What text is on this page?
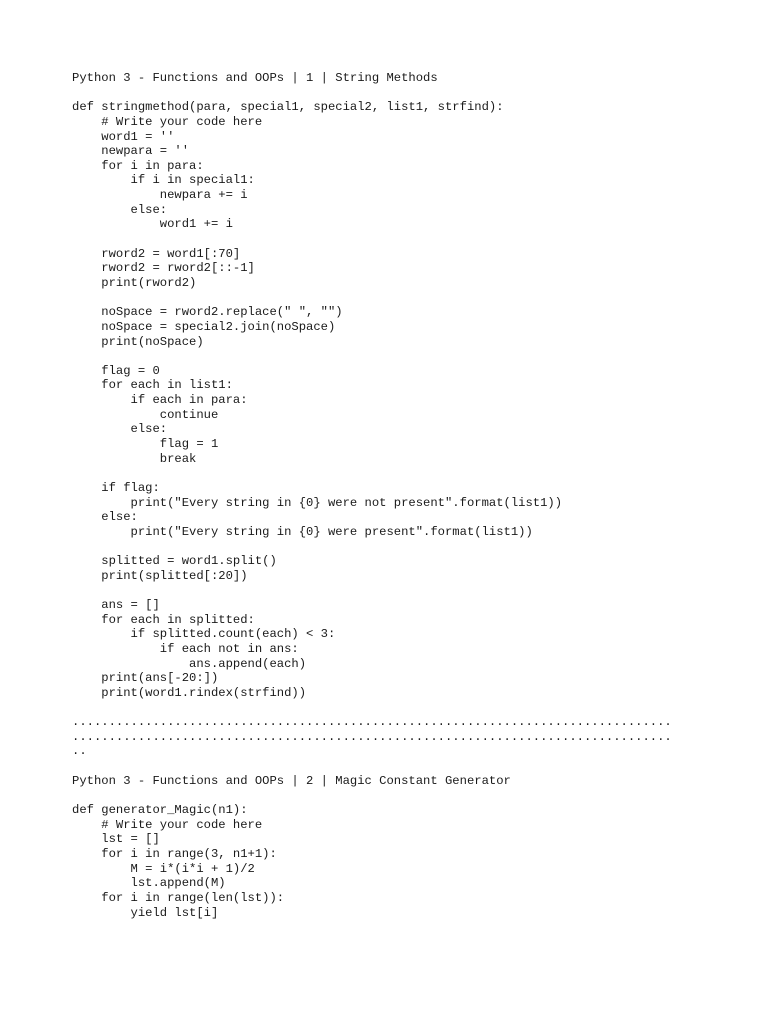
Python 3 - Functions and OOPs | 1 | String Methods
def stringmethod(para, special1, special2, list1, strfind):
# Write your code here
word1 = ''
newpara = ''
for i in para:
if i in special1:
newpara += i
else:
word1 += i
rword2 = word1[:70]
rword2 = rword2[::-1]
print(rword2)
noSpace = rword2.replace(" ", "")
noSpace = special2.join(noSpace)
print(noSpace)
flag = 0
for each in list1:
if each in para:
continue
else:
flag = 1
break
if flag:
print("Every string in {0} were not present".format(list1))
else:
print("Every string in {0} were present".format(list1))
splitted = word1.split()
print(splitted[:20])
ans = []
for each in splitted:
if splitted.count(each) < 3:
if each not in ans:
ans.append(each)
print(ans[-20:])
print(word1.rindex(strfind))
..................................................................................
..................................................................................
..
Python 3 - Functions and OOPs | 2 | Magic Constant Generator
def generator_Magic(n1):
# Write your code here
lst = []
for i in range(3, n1+1):
M = i*(i*i + 1)/2
lst.append(M)
for i in range(len(lst)):
yield lst[i]
